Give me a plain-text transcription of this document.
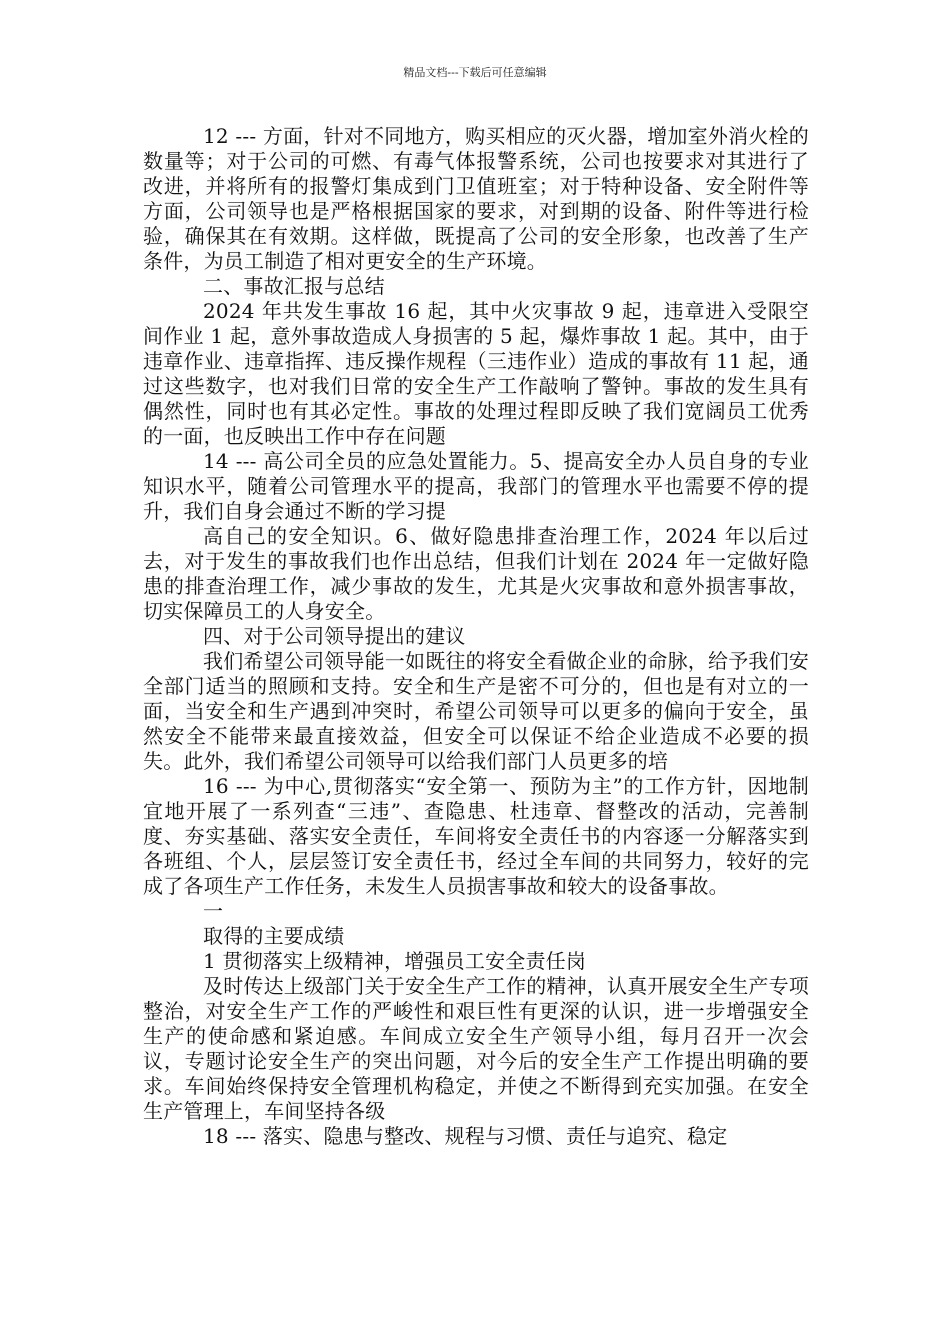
精品文档---下载后可任意编辑

12 --- 方面，针对不同地方，购买相应的灭火器，增加室外消火栓的数量等；对于公司的可燃、有毒气体报警系统，公司也按要求对其进行了改进，并将所有的报警灯集成到门卫值班室；对于特种设备、安全附件等方面，公司领导也是严格根据国家的要求，对到期的设备、附件等进行检验，确保其在有效期。这样做，既提高了公司的安全形象，也改善了生产条件，为员工制造了相对更安全的生产环境。

二、事故汇报与总结

2024 年共发生事故 16 起，其中火灾事故 9 起，违章进入受限空间作业 1 起，意外事故造成人身损害的 5 起，爆炸事故 1 起。其中，由于违章作业、违章指挥、违反操作规程（三违作业）造成的事故有 11 起，通过这些数字，也对我们日常的安全生产工作敲响了警钟。事故的发生具有偶然性，同时也有其必定性。事故的处理过程即反映了我们宽阔员工优秀的一面，也反映出工作中存在问题

14 --- 高公司全员的应急处置能力。5、提高安全办人员自身的专业知识水平，随着公司管理水平的提高，我部门的管理水平也需要不停的提升，我们自身会通过不断的学习提

高自己的安全知识。6、做好隐患排查治理工作，2024 年以后过去，对于发生的事故我们也作出总结，但我们计划在 2024 年一定做好隐患的排查治理工作，减少事故的发生，尤其是火灾事故和意外损害事故，切实保障员工的人身安全。

四、对于公司领导提出的建议

我们希望公司领导能一如既往的将安全看做企业的命脉，给予我们安全部门适当的照顾和支持。安全和生产是密不可分的，但也是有对立的一面，当安全和生产遇到冲突时，希望公司领导可以更多的偏向于安全，虽然安全不能带来最直接效益，但安全可以保证不给企业造成不必要的损失。此外，我们希望公司领导可以给我们部门人员更多的培

16 --- 为中心,贯彻落实“安全第一、预防为主”的工作方针，因地制宜地开展了一系列查“三违”、查隐患、杜违章、督整改的活动，完善制度、夯实基础、落实安全责任，车间将安全责任书的内容逐一分解落实到各班组、个人，层层签订安全责任书，经过全车间的共同努力，较好的完成了各项生产工作任务，未发生人员损害事故和较大的设备事故。

一

取得的主要成绩

1 贯彻落实上级精神，增强员工安全责任岗

及时传达上级部门关于安全生产工作的精神，认真开展安全生产专项整治，对安全生产工作的严峻性和艰巨性有更深的认识，进一步增强安全生产的使命感和紧迫感。车间成立安全生产领导小组，每月召开一次会议，专题讨论安全生产的突出问题，对今后的安全生产工作提出明确的要求。车间始终保持安全管理机构稳定，并使之不断得到充实加强。在安全生产管理上，车间坚持各级

18 --- 落实、隐患与整改、规程与习惯、责任与追究、稳定
